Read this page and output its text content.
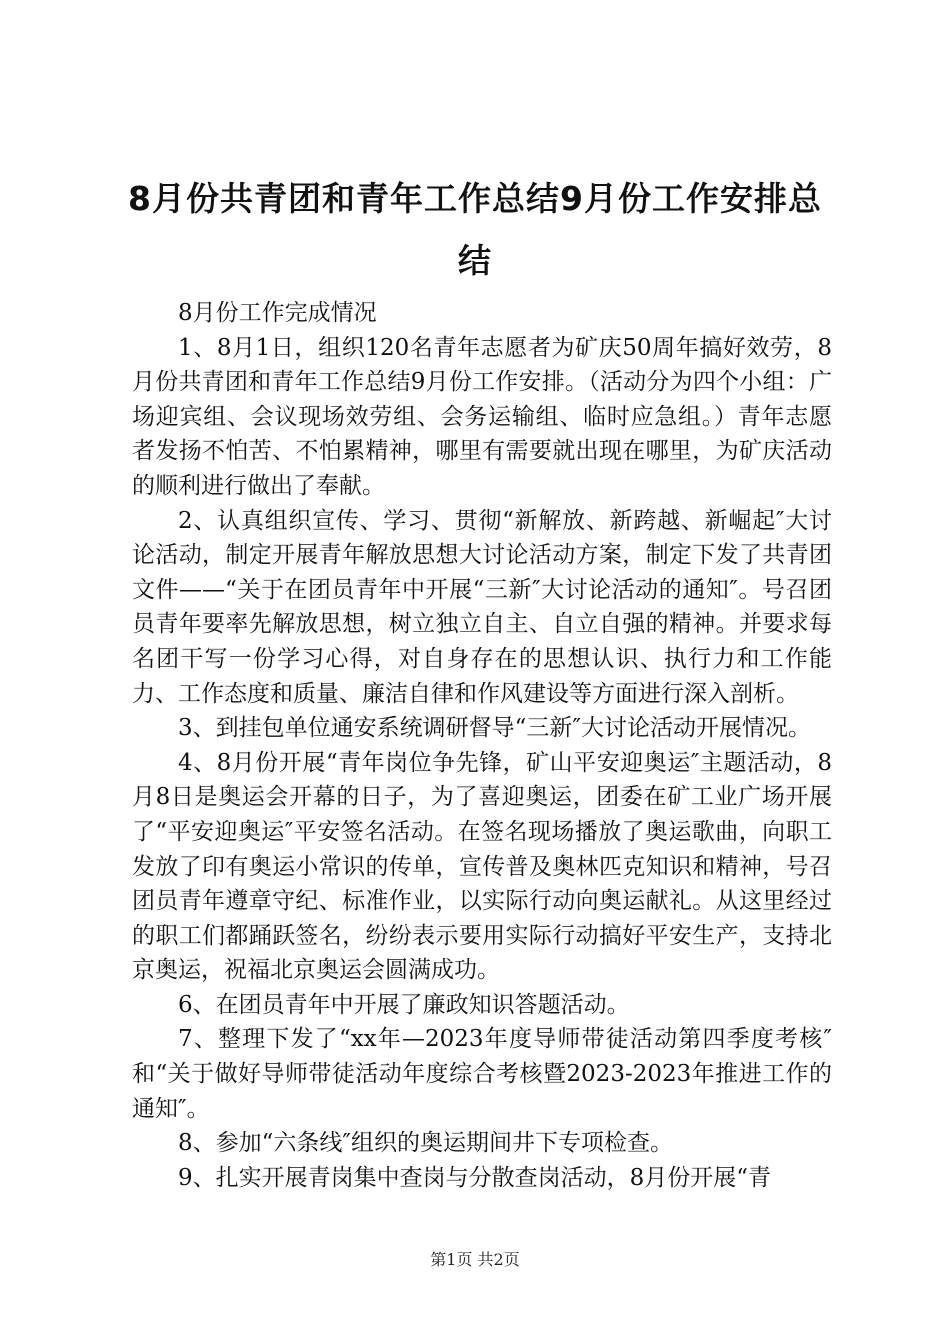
8月份共青团和青年工作总结9月份工作安排总结

8月份工作完成情况

1、8月1日，组织120名青年志愿者为矿庆50周年搞好效劳，8月份共青团和青年工作总结9月份工作安排。（活动分为四个小组：广场迎宾组、会议现场效劳组、会务运输组、临时应急组。）青年志愿者发扬不怕苦、不怕累精神，哪里有需要就出现在哪里，为矿庆活动的顺利进行做出了奉献。

2、认真组织宣传、学习、贯彻“新解放、新跨越、新崛起″大讨论活动，制定开展青年解放思想大讨论活动方案，制定下发了共青团文件——“关于在团员青年中开展“三新″大讨论活动的通知″。号召团员青年要率先解放思想，树立独立自主、自立自强的精神。并要求每名团干写一份学习心得，对自身存在的思想认识、执行力和工作能力、工作态度和质量、廉洁自律和作风建设等方面进行深入剖析。

3、到挂包单位通安系统调研督导“三新″大讨论活动开展情况。

4、8月份开展“青年岗位争先锋，矿山平安迎奥运″主题活动，8月8日是奥运会开幕的日子，为了喜迎奥运，团委在矿工业广场开展了“平安迎奥运″平安签名活动。在签名现场播放了奥运歌曲，向职工发放了印有奥运小常识的传单，宣传普及奥林匹克知识和精神，号召团员青年遵章守纪、标准作业，以实际行动向奥运献礼。从这里经过的职工们都踊跃签名，纷纷表示要用实际行动搞好平安生产，支持北京奥运，祝福北京奥运会圆满成功。

6、在团员青年中开展了廉政知识答题活动。

7、整理下发了“xx年—2023年度导师带徒活动第四季度考核″和“关于做好导师带徒活动年度综合考核暨2023-2023年推进工作的通知″。

8、参加“六条线″组织的奥运期间井下专项检查。

9、扎实开展青岗集中查岗与分散查岗活动，8月份开展“青

第1页 共2页
